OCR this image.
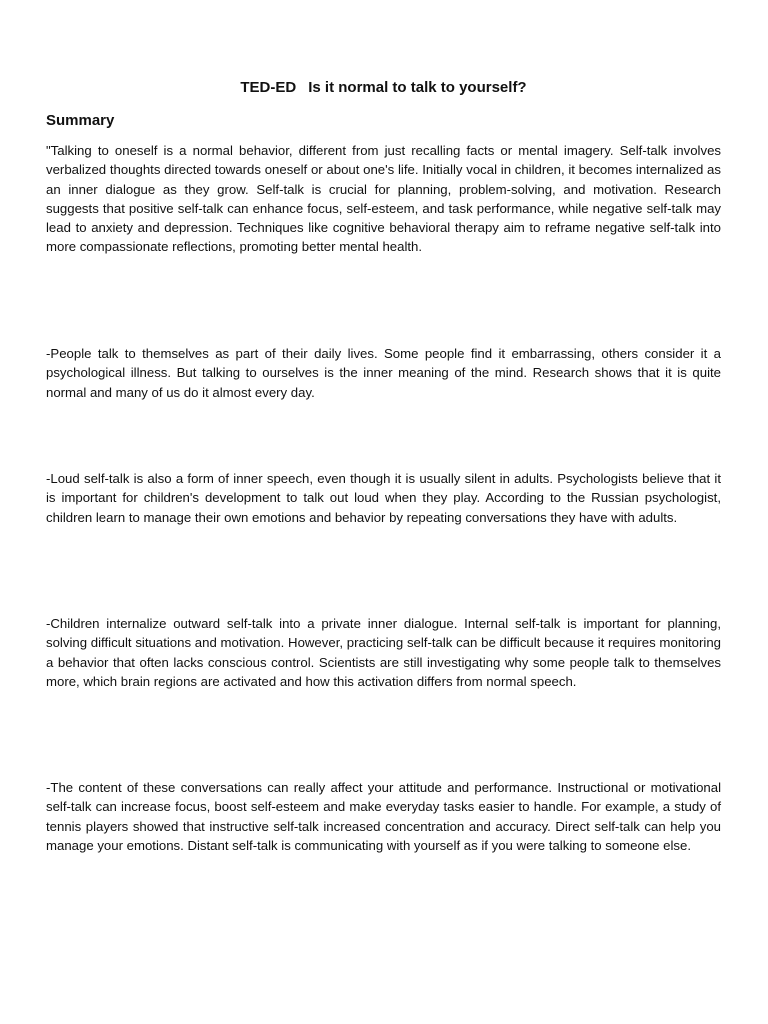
TED-ED Is it normal to talk to yourself?
Summary

"Talking to oneself is a normal behavior, different from just recalling facts or mental imagery. Self-talk involves verbalized thoughts directed towards oneself or about one's life. Initially vocal in children, it becomes internalized as an inner dialogue as they grow. Self-talk is crucial for planning, problem-solving, and motivation. Research suggests that positive self-talk can enhance focus, self-esteem, and task performance, while negative self-talk may lead to anxiety and depression. Techniques like cognitive behavioral therapy aim to reframe negative self-talk into more compassionate reflections, promoting better mental health.

-People talk to themselves as part of their daily lives. Some people find it embarrassing, others consider it a psychological illness. But talking to ourselves is the inner meaning of the mind. Research shows that it is quite normal and many of us do it almost every day.

-Loud self-talk is also a form of inner speech, even though it is usually silent in adults. Psychologists believe that it is important for children's development to talk out loud when they play. According to the Russian psychologist, children learn to manage their own emotions and behavior by repeating conversations they have with adults.

-Children internalize outward self-talk into a private inner dialogue. Internal self-talk is important for planning, solving difficult situations and motivation. However, practicing self-talk can be difficult because it requires monitoring a behavior that often lacks conscious control. Scientists are still investigating why some people talk to themselves more, which brain regions are activated and how this activation differs from normal speech.

-The content of these conversations can really affect your attitude and performance. Instructional or motivational self-talk can increase focus, boost self-esteem and make everyday tasks easier to handle. For example, a study of tennis players showed that instructive self-talk increased concentration and accuracy. Direct self-talk can help you manage your emotions. Distant self-talk is communicating with yourself as if you were talking to someone else.
